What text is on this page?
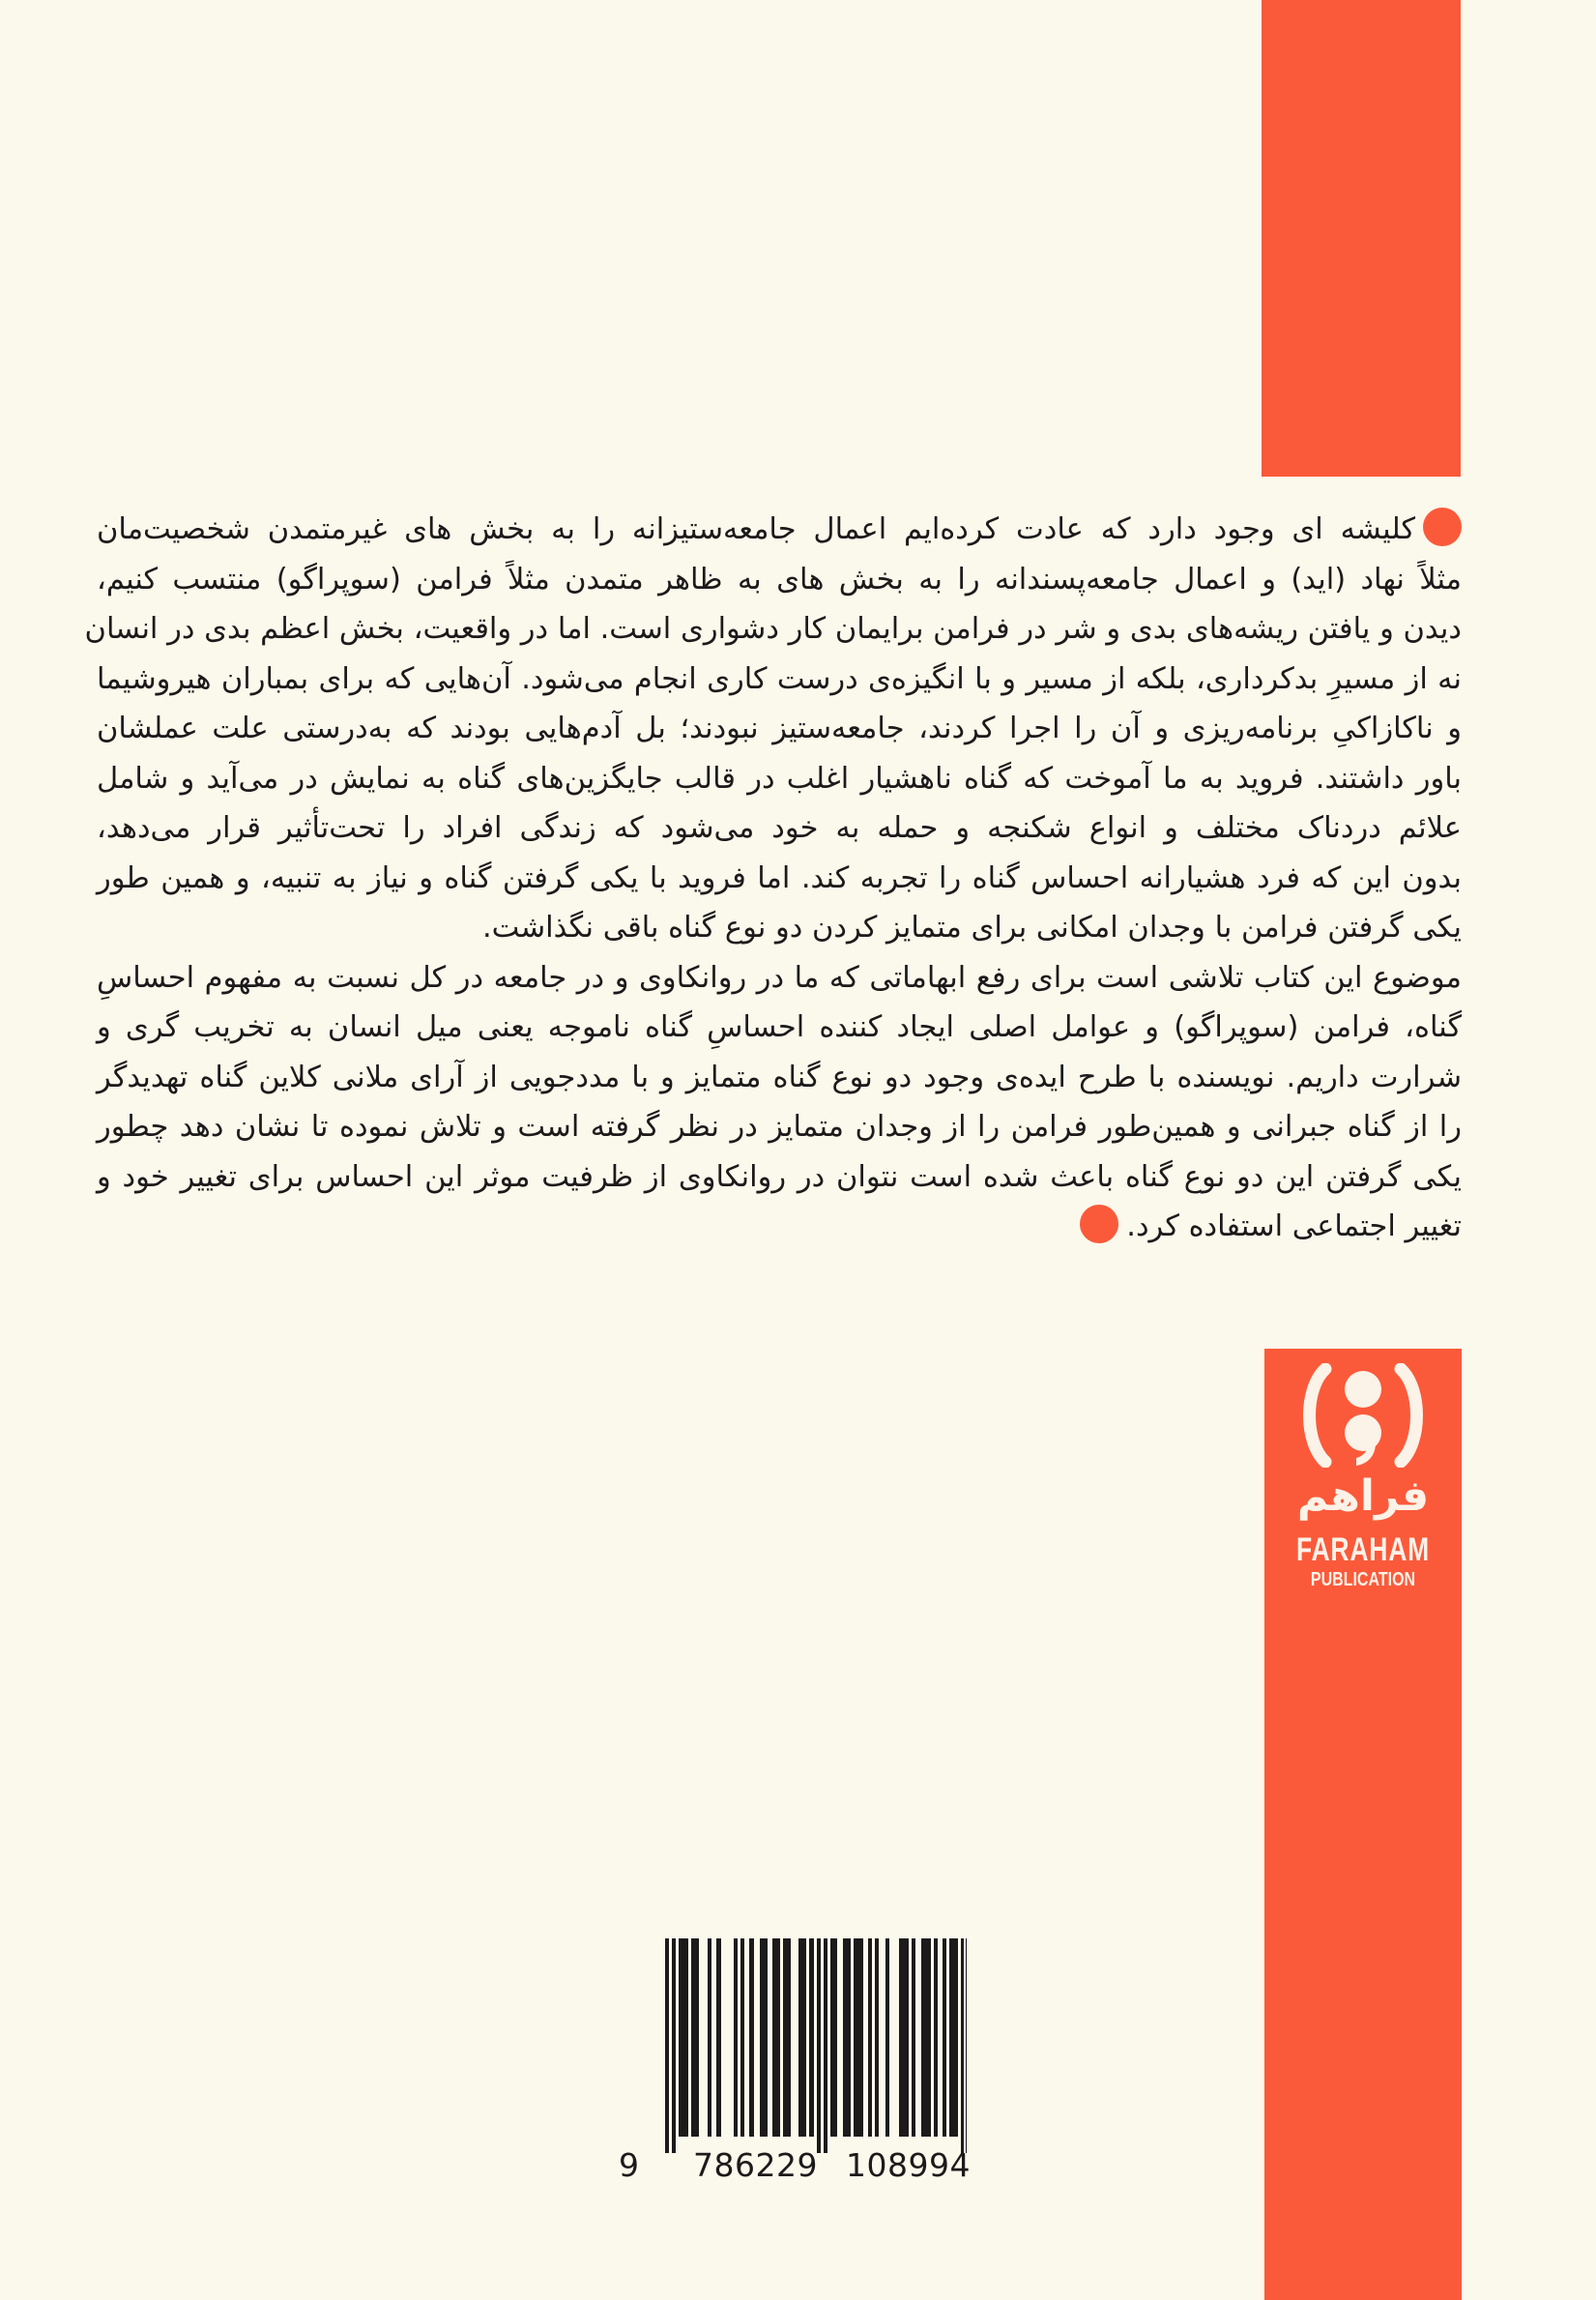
کلیشه ای وجود دارد که عادت کرده‌ایم اعمال جامعه‌ستیزانه را به بخش های غیرمتمدن شخصیت‌مان
مثلاً نهاد (اید) و اعمال جامعه‌پسندانه را به بخش های به ظاهر متمدن مثلاً فرامن (سوپراگو) منتسب کنیم،
دیدن و یافتن ریشه‌های بدی و شر در فرامن برایمان کار دشواری است. اما در واقعیت، بخش اعظم بدی در انسان
نه از مسیرِ بدکرداری، بلکه از مسیر و با انگیزه‌ی درست کاری انجام می‌شود. آن‌هایی که برای بمباران هیروشیما
و ناکازاکیِ برنامه‌ریزی و آن را اجرا کردند، جامعه‌ستیز نبودند؛ بل آدم‌هایی بودند که به‌درستی علت عملشان
باور داشتند. فروید به ما آموخت که گناه ناهشیار اغلب در قالب جایگزین‌های گناه به نمایش در می‌آید و شامل
علائم دردناک مختلف و انواع شکنجه و حمله به خود می‌شود که زندگی افراد را تحت‌تأثیر قرار می‌دهد،
بدون این که فرد هشیارانه احساس گناه را تجربه کند. اما فروید با یکی گرفتن گناه و نیاز به تنبیه، و همین طور
یکی گرفتن فرامن با وجدان امکانی برای متمایز کردن دو نوع گناه باقی نگذاشت.

موضوع این کتاب تلاشی است برای رفع ابهاماتی که ما در روانکاوی و در جامعه در کل نسبت به مفهوم احساسِ
گناه، فرامن (سوپراگو) و عوامل اصلی ایجاد کننده احساسِ گناه ناموجه یعنی میل انسان به تخریب گری و
شرارت داریم. نویسنده با طرح ایده‌ی وجود دو نوع گناه متمایز و با مددجویی از آرای ملانی کلاین گناه تهدیدگر
را از گناه جبرانی و همین‌طور فرامن را از وجدان متمایز در نظر گرفته است و تلاش نموده تا نشان دهد چطور
یکی گرفتن این دو نوع گناه باعث شده است نتوان در روانکاوی از ظرفیت موثر این احساس برای تغییر خود و
تغییر اجتماعی استفاده کرد.

فراهم
FARAHAM
PUBLICATION
9 786229 108994
